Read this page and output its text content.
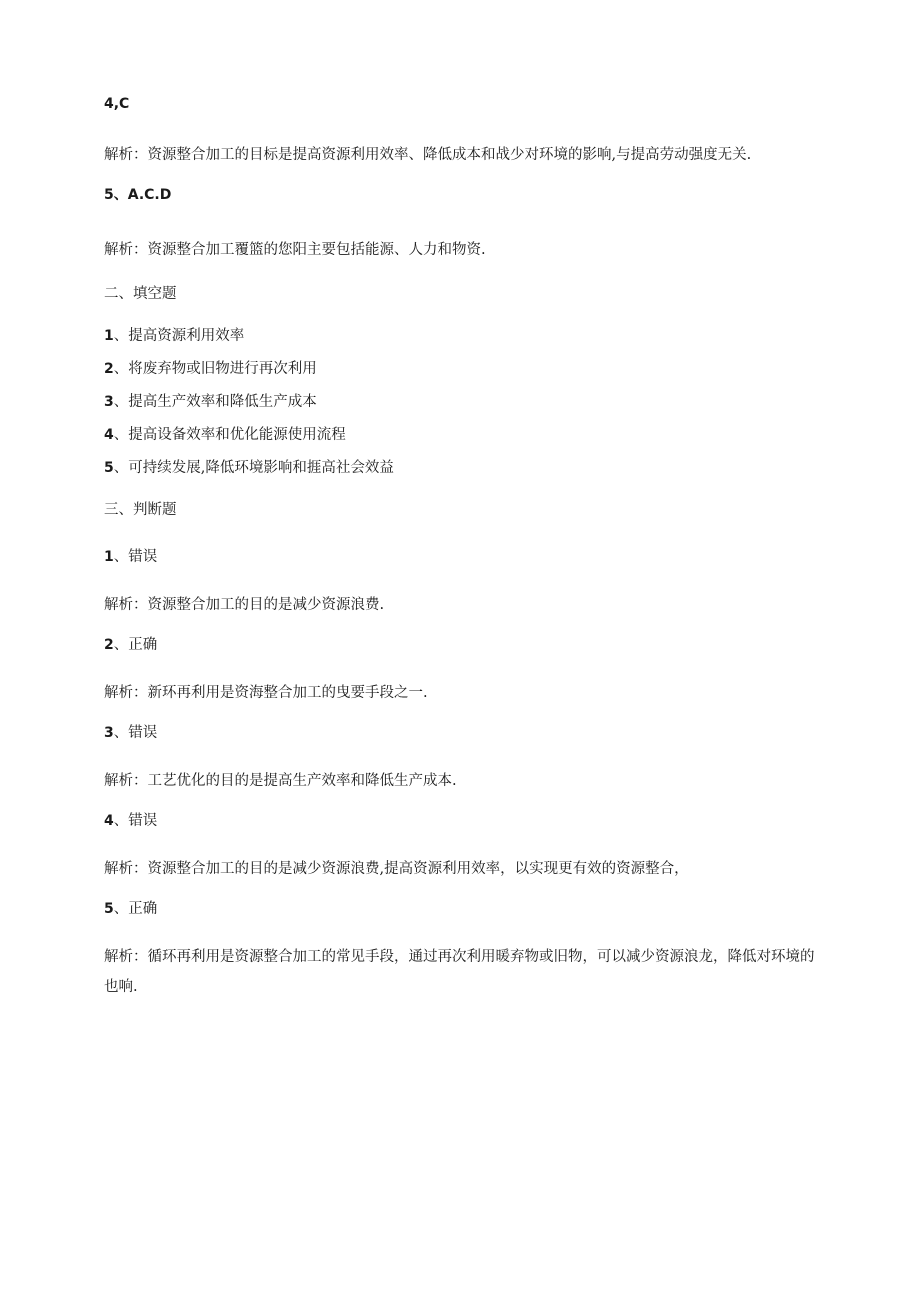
4,C
解析：资源整合加工的目标是提高资源利用效率、降低成本和战少对环境的影响,与提高劳动强度无关.
5、A.C.D
解析：资源整合加工覆篮的您阳主要包括能源、人力和物资.
二、填空题
1、提高资源利用效率
2、将废弃物或旧物进行再次利用
3、提高生产效率和降低生产成本
4、提高设备效率和优化能源使用流程
5、可持续发展,降低环境影响和捱高社会效益
三、判断题
1、错误
解析：资源整合加工的目的是减少资源浪费.
2、正确
解析：新环再利用是资海整合加工的曳要手段之一.
3、错误
解析：工艺优化的目的是提高生产效率和降低生产成本.
4、错误
解析：资源整合加工的目的是减少资源浪费,提高资源利用效率，以实现更有效的资源整合，
5、正确
解析：循环再利用是资源整合加工的常见手段，通过再次利用暖弃物或旧物，可以减少资源浪龙，降低对环境的也响.
